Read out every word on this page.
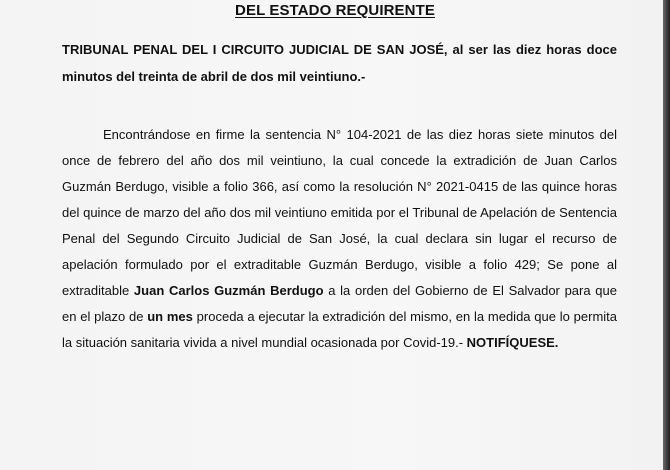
DEL ESTADO REQUIRENTE
TRIBUNAL PENAL DEL I CIRCUITO JUDICIAL DE SAN JOSÉ, al ser las diez horas doce minutos del treinta de abril de dos mil veintiuno.-
Encontrándose en firme la sentencia N° 104-2021 de las diez horas siete minutos del once de febrero del año dos mil veintiuno, la cual concede la extradición de Juan Carlos Guzmán Berdugo, visible a folio 366, así como la resolución N° 2021-0415 de las quince horas del quince de marzo del año dos mil veintiuno emitida por el Tribunal de Apelación de Sentencia Penal del Segundo Circuito Judicial de San José, la cual declara sin lugar el recurso de apelación formulado por el extraditable Guzmán Berdugo, visible a folio 429; Se pone al extraditable Juan Carlos Guzmán Berdugo a la orden del Gobierno de El Salvador para que en el plazo de un mes proceda a ejecutar la extradición del mismo, en la medida que lo permita la situación sanitaria vivida a nivel mundial ocasionada por Covid-19.- NOTIFÍQUESE.
